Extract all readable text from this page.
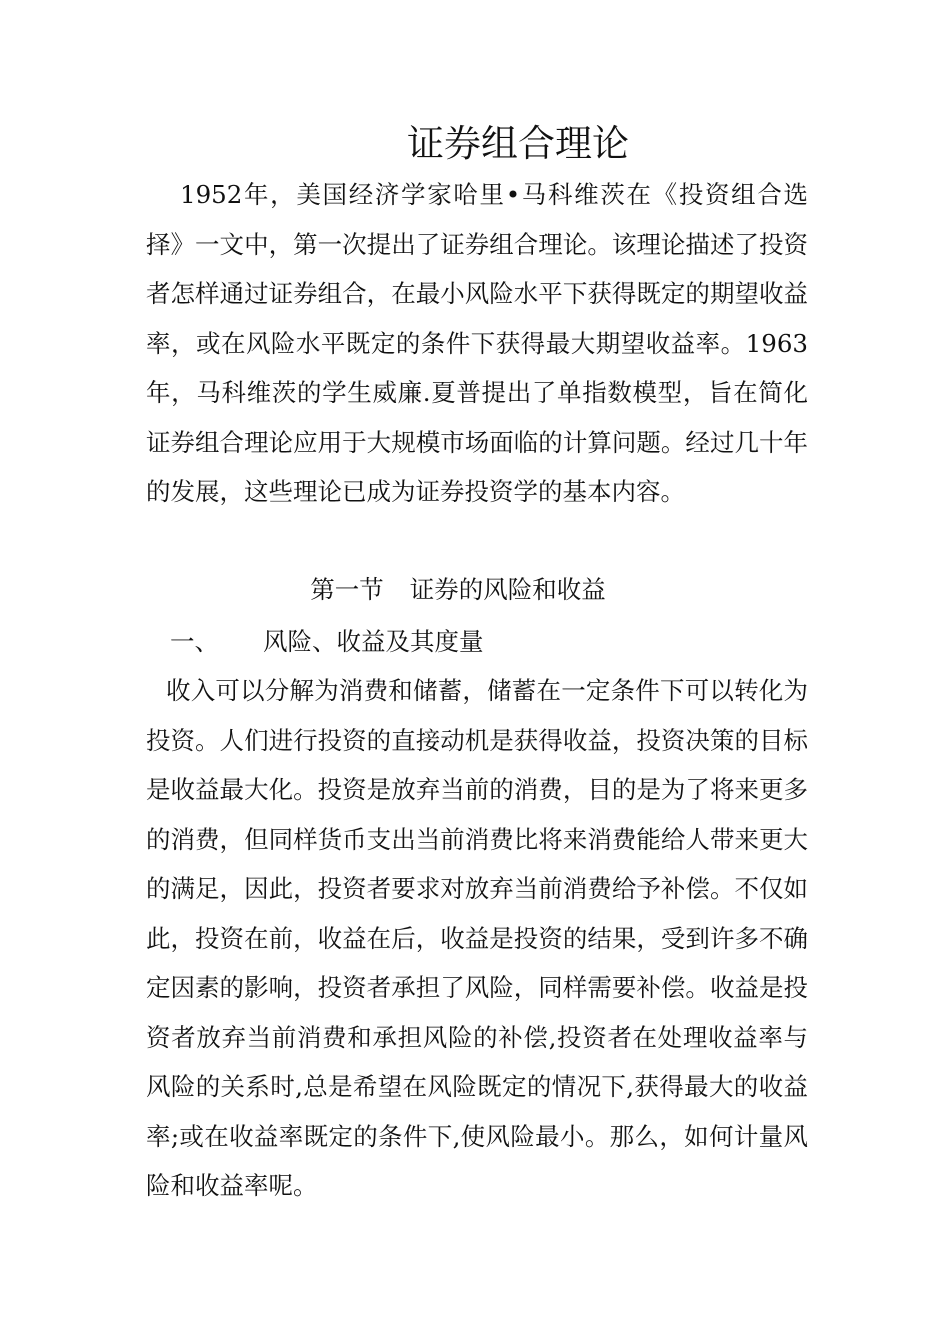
证券组合理论

1952年，美国经济学家哈里•马科维茨在《投资组合选择》一文中，第一次提出了证券组合理论。该理论描述了投资者怎样通过证券组合，在最小风险水平下获得既定的期望收益率，或在风险水平既定的条件下获得最大期望收益率。1963年，马科维茨的学生威廉.夏普提出了单指数模型，旨在简化证券组合理论应用于大规模市场面临的计算问题。经过几十年的发展，这些理论已成为证券投资学的基本内容。

第一节 证券的风险和收益
一、 风险、收益及其度量

收入可以分解为消费和储蓄，储蓄在一定条件下可以转化为投资。人们进行投资的直接动机是获得收益，投资决策的目标是收益最大化。投资是放弃当前的消费，目的是为了将来更多的消费，但同样货币支出当前消费比将来消费能给人带来更大的满足，因此，投资者要求对放弃当前消费给予补偿。不仅如此，投资在前，收益在后，收益是投资的结果，受到许多不确定因素的影响，投资者承担了风险，同样需要补偿。收益是投资者放弃当前消费和承担风险的补偿,投资者在处理收益率与风险的关系时,总是希望在风险既定的情况下,获得最大的收益率;或在收益率既定的条件下,使风险最小。那么，如何计量风险和收益率呢。
